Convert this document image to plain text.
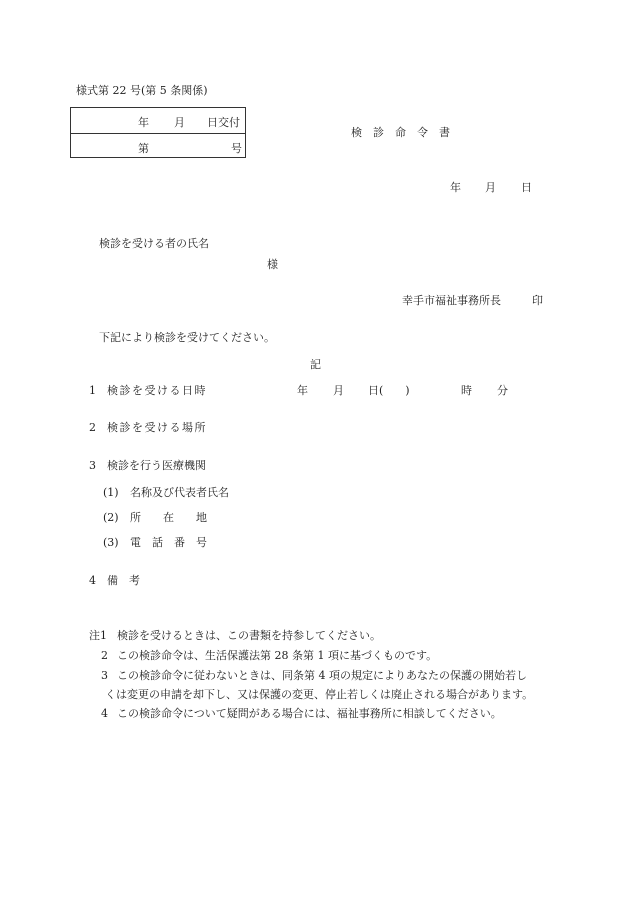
様式第 22 号(第 5 条関係)
年 月 日交付
第	号
検　診　命　令　書
年 月 日
検診を受ける者の氏名
様
幸手市福祉事務所長	印
下記により検診を受けてください。
記
1 検診を受ける日時	年 月 日(　　)	時 分
2 検診を受ける場所
3 検診を行う医療機関
(1) 名称及び代表者氏名
(2) 所　　在　　地
(3) 電　話　番　号
4 備　考
注1 検診を受けるときは、この書類を持参してください。
2 この検診命令は、生活保護法第 28 条第 1 項に基づくものです。
3 この検診命令に従わないときは、同条第 4 項の規定によりあなたの保護の開始若し
くは変更の申請を却下し、又は保護の変更、停止若しくは廃止される場合があります。
4 この検診命令について疑問がある場合には、福祉事務所に相談してください。
